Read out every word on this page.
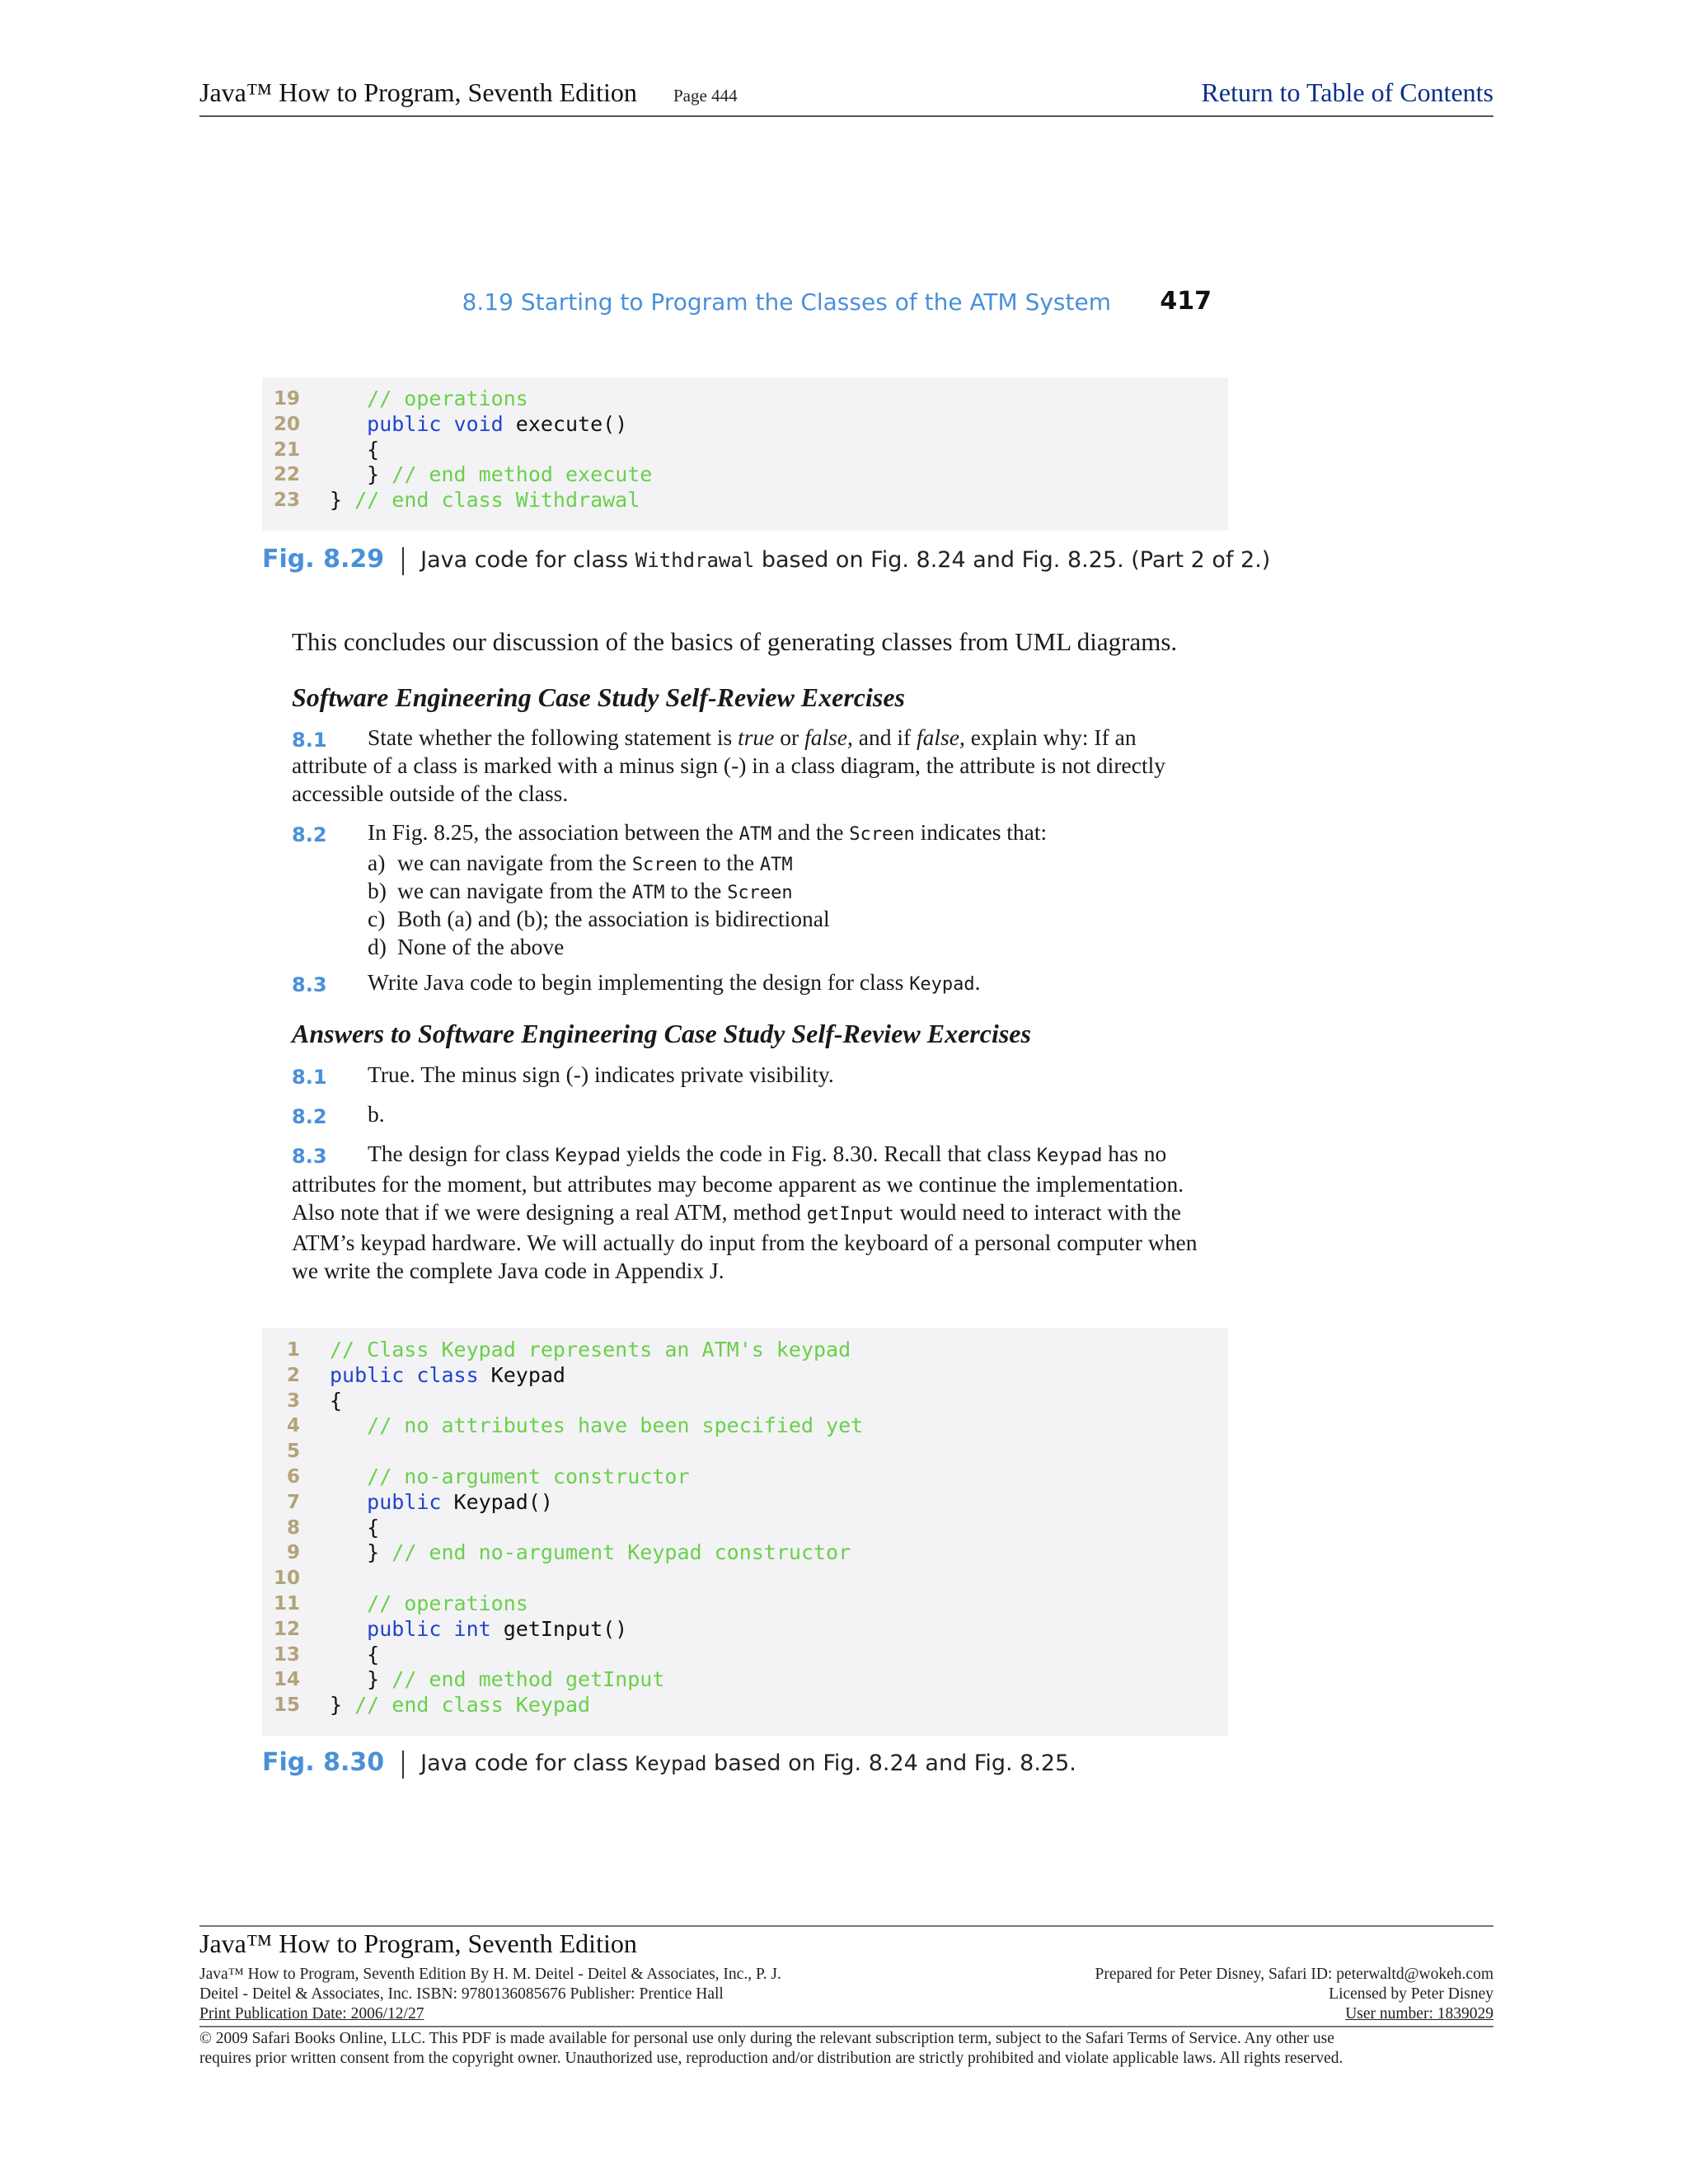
Java™ How to Program, Seventh Edition Page 444	Return to Table of Contents
8.19 Starting to Program the Classes of the ATM System 417
19	// operations
20	public void execute()
21 {
22 } // end method execute
23 } // end class Withdrawal
Fig. 8.29 Java code for class Withdrawal based on Fig. 8.24 and Fig. 8.25. (Part 2 of 2.)
This concludes our discussion of the basics of generating classes from UML diagrams.
Software Engineering Case Study Self-Review Exercises
8.1	State whether the following statement is true or false, and if false, explain why: If an attribute of a class is marked with a minus sign (-) in a class diagram, the attribute is not directly accessible outside of the class.
8.2	In Fig. 8.25, the association between the ATM and the Screen indicates that:
a) we can navigate from the Screen to the ATM
b) we can navigate from the ATM to the Screen
c) Both (a) and (b); the association is bidirectional
d) None of the above
8.3	Write Java code to begin implementing the design for class Keypad.
Answers to Software Engineering Case Study Self-Review Exercises
8.1	True. The minus sign (-) indicates private visibility.
8.2	b.
8.3	The design for class Keypad yields the code in Fig. 8.30. Recall that class Keypad has no attributes for the moment, but attributes may become apparent as we continue the implementation. Also note that if we were designing a real ATM, method getInput would need to interact with the ATM’s keypad hardware. We will actually do input from the keyboard of a personal computer when we write the complete Java code in Appendix J.
1 // Class Keypad represents an ATM's keypad
2 public class Keypad
3 {
4	// no attributes have been specified yet
5
6	// no-argument constructor
7	public Keypad()
8 {
9 } // end no-argument Keypad constructor
10
11	// operations
12	public int getInput()
13 {
14 } // end method getInput
15 } // end class Keypad
Fig. 8.30 Java code for class Keypad based on Fig. 8.24 and Fig. 8.25.
Java™ How to Program, Seventh Edition
Java™ How to Program, Seventh Edition By H. M. Deitel - Deitel & Associates, Inc., P. J.
Deitel - Deitel & Associates, Inc. ISBN: 9780136085676 Publisher: Prentice Hall
Print Publication Date: 2006/12/27
Prepared for Peter Disney, Safari ID: peterwaltd@wokeh.com
Licensed by Peter Disney
User number: 1839029
© 2009 Safari Books Online, LLC. This PDF is made available for personal use only during the relevant subscription term, subject to the Safari Terms of Service. Any other use
requires prior written consent from the copyright owner. Unauthorized use, reproduction and/or distribution are strictly prohibited and violate applicable laws. All rights reserved.
